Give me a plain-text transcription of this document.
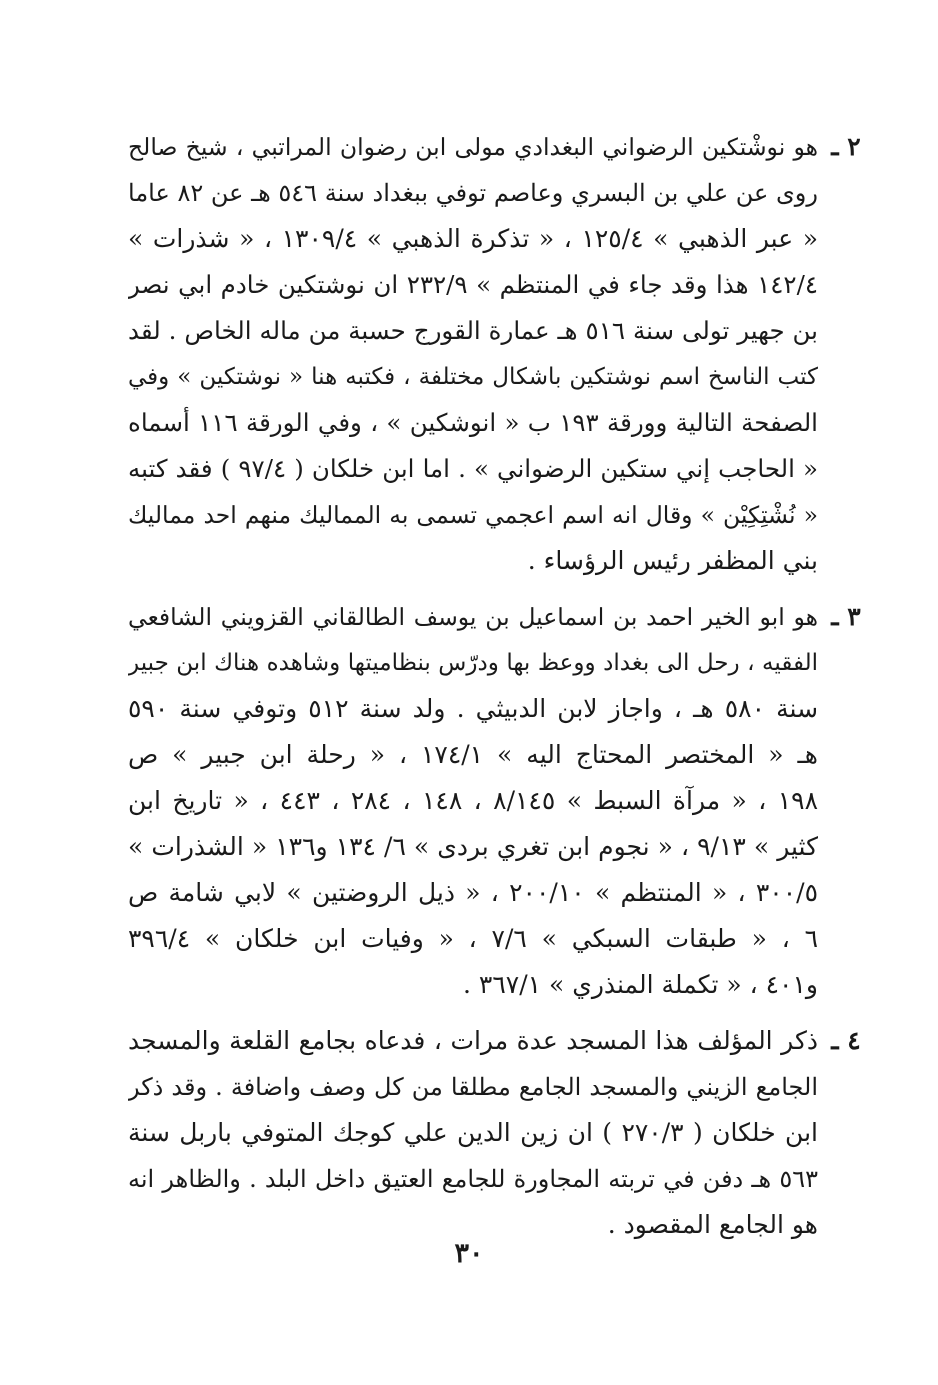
٢ ـ
هو نوشْتكين الرضواني البغدادي مولى ابن رضوان المراتبي ، شيخ صالح
روى عن علي بن البسري وعاصم توفي ببغداد سنة ٥٤٦ هـ عن ٨٢ عاما
« عبر الذهبي » ١٢٥/٤ ، « تذكرة الذهبي » ١٣٠٩/٤ ، « شذرات »
١٤٢/٤ هذا وقد جاء في المنتظم » ٢٣٢/٩ ان نوشتكين خادم ابي نصر
بن جهير تولى سنة ٥١٦ هـ عمارة القورج حسبة من ماله الخاص . لقد
كتب الناسخ اسم نوشتكين باشكال مختلفة ، فكتبه هنا « نوشتكين » وفي
الصفحة التالية وورقة ١٩٣ ب « انوشكين » ، وفي الورقة ١١٦ أسماه
« الحاجب إني ستكين الرضواني » . اما ابن خلكان ( ٩٧/٤ ) فقد كتبه
« نُشْتِكِيْن » وقال انه اسم اعجمي تسمى به المماليك منهم احد مماليك
بني المظفر رئيس الرؤساء .
٣ ـ
هو ابو الخير احمد بن اسماعيل بن يوسف الطالقاني القزويني الشافعي
الفقيه ، رحل الى بغداد ووعظ بها ودرّس بنظاميتها وشاهده هناك ابن جبير
سنة ٥٨٠ هـ ، واجاز لابن الدبيثي . ولد سنة ٥١٢ وتوفي سنة ٥٩٠
هـ « المختصر المحتاج اليه » ١٧٤/١ ، « رحلة ابن جبير » ص
١٩٨ ، « مرآة السبط » ٨/١٤٥ ، ١٤٨ ، ٢٨٤ ، ٤٤٣ ، « تاريخ ابن
كثير » ٩/١٣ ، « نجوم ابن تغري بردى » ٦/ ١٣٤ و١٣٦ « الشذرات »
٣٠٠/٥ ، « المنتظم » ٢٠٠/١٠ ، « ذيل الروضتين » لابي شامة ص
٦ ، « طبقات السبكي » ٧/٦ ، « وفيات ابن خلكان » ٣٩٦/٤
و٤٠١ ، « تكملة المنذري » ٣٦٧/١ .
٤ ـ
ذكر المؤلف هذا المسجد عدة مرات ، فدعاه بجامع القلعة والمسجد
الجامع الزيني والمسجد الجامع مطلقا من كل وصف واضافة . وقد ذكر
ابن خلكان ( ٢٧٠/٣ ) ان زين الدين علي كوجك المتوفي باربل سنة
٥٦٣ هـ دفن في تربته المجاورة للجامع العتيق داخل البلد . والظاهر انه
هو الجامع المقصود .
٣٠
